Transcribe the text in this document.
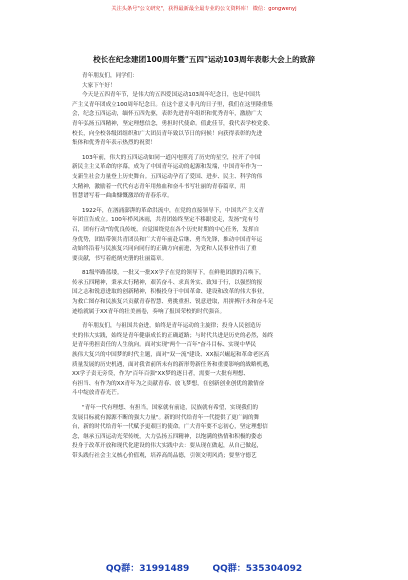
关注头条号"公文研究"，获得最新最全最专业的公文资料库！ 微信：gongwenyj
校长在纪念建团100周年暨"五四"运动103周年表彰大会上的致辞
青年朋友们，同学们：
大家下午好！
今天是五四青年节，是伟大的五四爱国运动103周年纪念日，也是中国共
产主义青年团成立100周年纪念日。在这个意义非凡的日子里，我们在这里隆重集
会，纪念五四运动，缅怀五四先驱，表彰先进青年组织和优秀青年，激励广大
青年弘扬五四精神，坚定理想信念，勇担时代使命。值此佳节，我代表学校党委、
校长，向全校各级团组织和广大团员青年致以节日的问候！向获得表彰的先进
集体和优秀青年表示热烈的祝贺！
103年前，伟大的五四运动如同一道闪电照亮了历史的星空，拉开了中国
新民主主义革命的序幕，成为了中国青年运动的起源和发端，中国青年作为一
支新生社会力量登上历史舞台。五四运动孕育了爱国、进步、民主、科学的伟
大精神，激励着一代代有志青年用热血和奋斗书写壮丽的青春篇章，用
智慧谱写着一曲曲慷慨激昂的青春乐章。
1922年，在汹涌澎湃的革命洪流中，在党的直接领导下，中国共产主义青
年团宣告成立。100年栉风沐雨，共青团始终坚定不移跟党走，发扬"党有号
召，团有行动"的优良传统，自觉围绕党在各个历史时期的中心任务，发挥自
身优势，团结带领共青团员和广大青年前赴后继、勇当先锋，推动中国青年运
动始终沿着与民族复兴同向同行的正确方向前进，为党和人民事业作出了重
要贡献，书写着彪炳史册的壮丽篇章。
81级毕路蓝缕，一批又一批XX学子在党的领导下，在鲜艳团旗的召唤下，
传承五四精神，秉承太行精神，艰苦奋斗、求真务实、致知于行，以强烈的报
国之志和锐意进取的创新精神，积极投身于中国革命、建设和改革的伟大事业，
为救亡图存和民族复兴贡献青春智慧、勇挑重担、锐意进取，用拼搏汗水和奋斗足
迹绘就属于XX青年的壮美画卷，奏响了报国荣校的时代强音。
青年朋友们，与祖国共奋进，始终是青年运动的主旋律；投身人民创造历
史的伟大实践，始终是青年健康成长的正确道路；与时代共进是历史的必然，始终
是青年勇担责任的人生航向。面对实现"两个一百年"奋斗目标、实现中华民
族伟大复兴的中国梦的时代主题，面对"双一流"建设、XX振兴崛起和革命老区高
质量发展的历史机遇，面对我省前所未有的新形势新任务和重要影响的战略机遇，
XX学子责无旁贷，作为"百年百强"XX梦的逐日者，需要一大批有理想、
有担当、有作为的XX青年为之贡献青春、放飞梦想，在创新创业创优的激情奋
斗中绽放青春光芒。
"青年一代有理想、有担当，国家就有前途，民族就有希望，实现我们的
发展目标就有源源不断的强大力量"。新的时代给青年一代提供了更广阔的舞
台，新的时代给青年一代赋予更艰巨的使命。广大青年要不忘初心，坚定理想信
念，继承五四运动光荣传统，大力弘扬五四精神，以饱满的热情和积极的姿态
投身于改革开放和现代化建设的伟大实践中去：要从现在做起，从自己做起，
带头践行社会主义核心价值观，培养高尚品德，引领文明风尚；要坚守德艺
QQ群：31991489	QQ群：535304092
